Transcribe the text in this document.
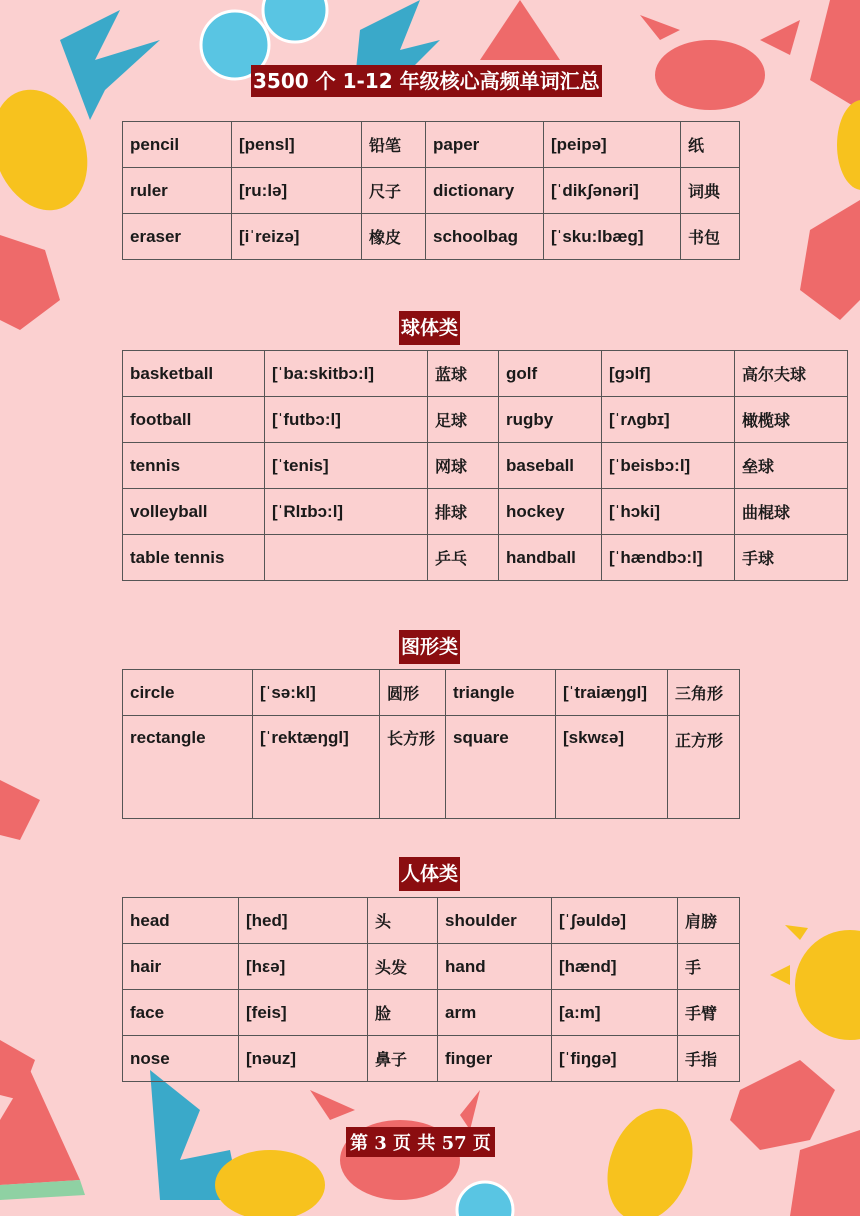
3500 个 1-12 年级核心高频单词汇总
pencil	[pensl]	铅笔	paper	[peipə]	纸
ruler	[ru:lə]	尺子	dictionary	[ˈdikʃənəri]	词典
eraser	[iˈreizə]	橡皮	schoolbag	[ˈsku:lbæg]	书包
球体类
basketball	[ˈba:skitbɔ:l]	蓝球	golf	[gɔlf]	高尔夫球
football	[ˈfutbɔ:l]	足球	rugby	[ˈrʌgbɪ]	橄榄球
tennis	[ˈtenis]	网球	baseball	[ˈbeisbɔ:l]	垒球
volleyball	[ˈRlɪbɔ:l]	排球	hockey	[ˈhɔki]	曲棍球
table tennis		乒乓	handball	[ˈhændbɔ:l]	手球
图形类
circle	[ˈsə:kl]	圆形	triangle	[ˈtraiæŋgl]	三角形
rectangle	[ˈrektæŋgl]	长方形	square	[skwεə]	正方形
人体类
head	[hed]	头	shoulder	[ˈʃəuldə]	肩膀
hair	[hεə]	头发	hand	[hænd]	手
face	[feis]	脸	arm	[a:m]	手臂
nose	[nəuz]	鼻子	finger	[ˈfiŋgə]	手指
第 3 页 共 57 页
